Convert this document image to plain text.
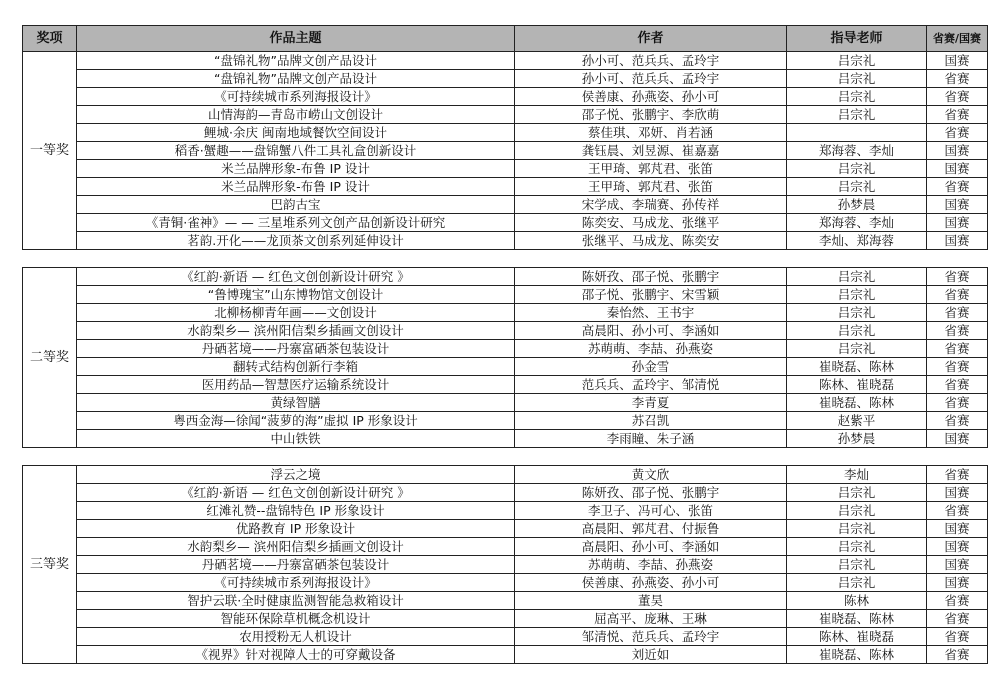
奖项	作品主题	作者	指导老师	省赛/国赛
一等奖	“盘锦礼物”品牌文创产品设计	孙小可、范兵兵、孟玲宇	吕宗礼	国赛
	“盘锦礼物”品牌文创产品设计	孙小可、范兵兵、孟玲宇	吕宗礼	省赛
	《可持续城市系列海报设计》	侯善康、孙燕姿、孙小可	吕宗礼	省赛
	山情海韵—青岛市崂山文创设计	邵子悦、张鹏宇、李欣萌	吕宗礼	省赛
	鲤城·余庆 闽南地域餐饮空间设计	蔡佳琪、邓妍、肖若涵		省赛
	稻香·蟹趣——盘锦蟹八件工具礼盒创新设计	龚钰晨、刘昱源、崔嘉嘉	郑海蓉、李灿	国赛
	米兰品牌形象-布鲁 IP 设计	王甲琦、郭芃君、张笛	吕宗礼	国赛
	米兰品牌形象-布鲁 IP 设计	王甲琦、郭芃君、张笛	吕宗礼	省赛
	巴韵古宝	宋学成、李瑞赛、孙传祥	孙梦晨	国赛
	《青铜·雀神》— — 三星堆系列文创产品创新设计研究	陈奕安、马成龙、张继平	郑海蓉、李灿	国赛
	茗韵.开化——龙顶茶文创系列延伸设计	张继平、马成龙、陈奕安	李灿、郑海蓉	国赛

二等奖	《红韵·新语 — 红色文创创新设计研究 》	陈妍孜、邵子悦、张鹏宇	吕宗礼	省赛
	“鲁博瑰宝”山东博物馆文创设计	邵子悦、张鹏宇、宋雪颖	吕宗礼	省赛
	北柳杨柳青年画——文创设计	秦怡然、王书宇	吕宗礼	省赛
	水韵梨乡— 滨州阳信梨乡插画文创设计	高晨阳、孙小可、李涵如	吕宗礼	省赛
	丹硒茗境——丹寨富硒茶包装设计	苏萌萌、李喆、孙燕姿	吕宗礼	省赛
	翻转式结构创新行李箱	孙金雪	崔晓磊、陈林	省赛
	医用药品—智慧医疗运输系统设计	范兵兵、孟玲宇、邹清悦	陈林、崔晓磊	省赛
	黄绿智膳	李青夏	崔晓磊、陈林	省赛
	粤西金海—徐闻“菠萝的海”虚拟 IP 形象设计	苏召凯	赵紫平	省赛
	中山铁铁	李雨瞳、朱子涵	孙梦晨	国赛

三等奖	浮云之境	黄文欣	李灿	省赛
	《红韵·新语 — 红色文创创新设计研究 》	陈妍孜、邵子悦、张鹏宇	吕宗礼	国赛
	红滩礼赞--盘锦特色 IP 形象设计	李卫子、冯可心、张笛	吕宗礼	省赛
	优路教育 IP 形象设计	高晨阳、郭芃君、付振鲁	吕宗礼	国赛
	水韵梨乡— 滨州阳信梨乡插画文创设计	高晨阳、孙小可、李涵如	吕宗礼	国赛
	丹硒茗境——丹寨富硒茶包装设计	苏萌萌、李喆、孙燕姿	吕宗礼	国赛
	《可持续城市系列海报设计》	侯善康、孙燕姿、孙小可	吕宗礼	国赛
	智护云联·全时健康监测智能急救箱设计	董昊	陈林	省赛
	智能环保除草机概念机设计	屈高平、庞琳、王琳	崔晓磊、陈林	省赛
	农用授粉无人机设计	邹清悦、范兵兵、孟玲宇	陈林、崔晓磊	省赛
	《视界》针对视障人士的可穿戴设备	刘近如	崔晓磊、陈林	省赛
